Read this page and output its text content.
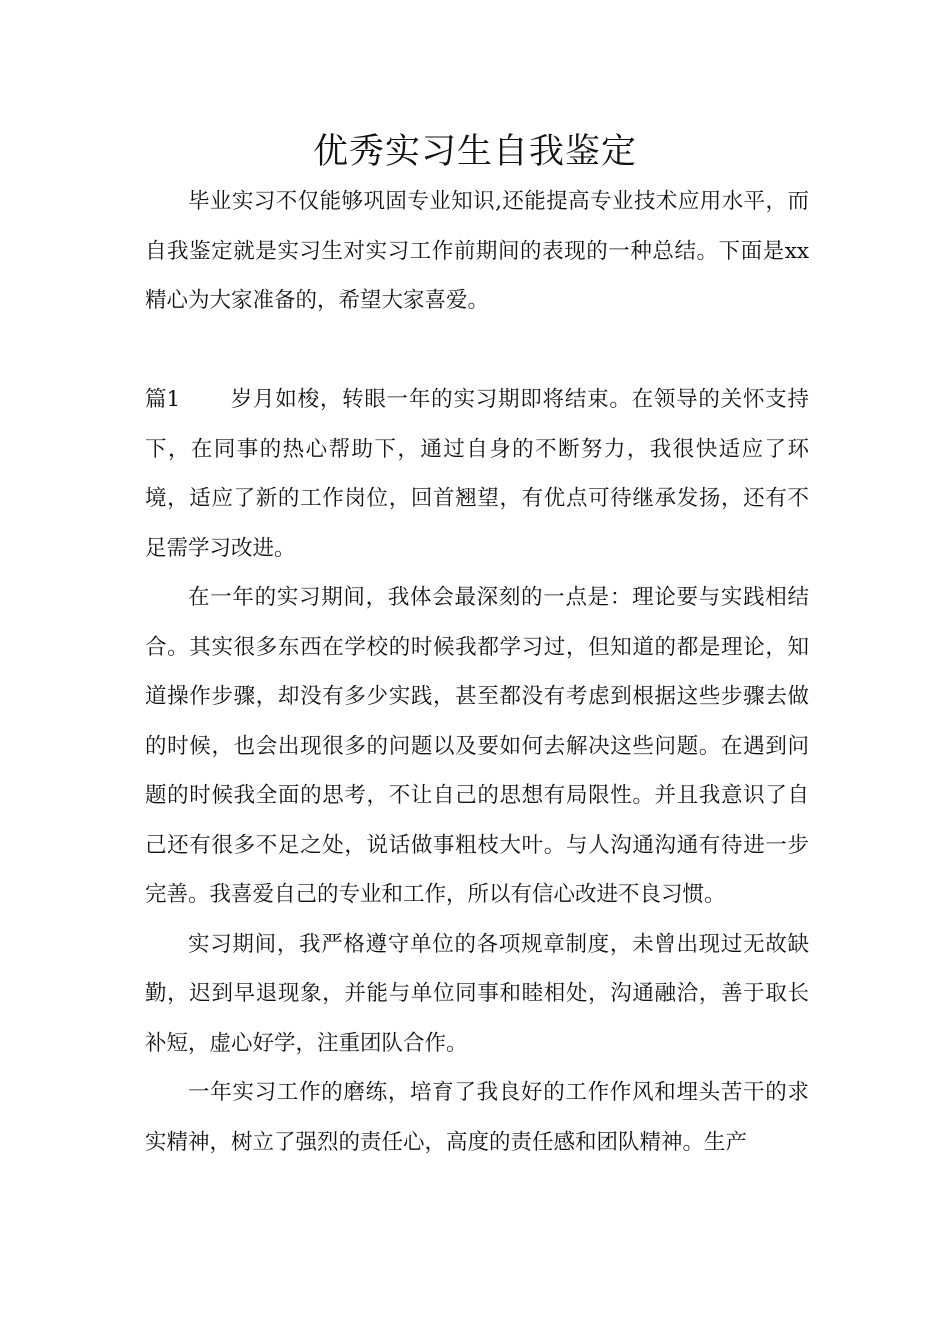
优秀实习生自我鉴定

毕业实习不仅能够巩固专业知识,还能提高专业技术应用水平，而自我鉴定就是实习生对实习工作前期间的表现的一种总结。下面是xx精心为大家准备的，希望大家喜爱。

篇1 岁月如梭，转眼一年的实习期即将结束。在领导的关怀支持下，在同事的热心帮助下，通过自身的不断努力，我很快适应了环境，适应了新的工作岗位，回首翘望，有优点可待继承发扬，还有不足需学习改进。

在一年的实习期间，我体会最深刻的一点是：理论要与实践相结合。其实很多东西在学校的时候我都学习过，但知道的都是理论，知道操作步骤，却没有多少实践，甚至都没有考虑到根据这些步骤去做的时候，也会出现很多的问题以及要如何去解决这些问题。在遇到问题的时候我全面的思考，不让自己的思想有局限性。并且我意识了自己还有很多不足之处，说话做事粗枝大叶。与人沟通沟通有待进一步完善。我喜爱自己的专业和工作，所以有信心改进不良习惯。

实习期间，我严格遵守单位的各项规章制度，未曾出现过无故缺勤，迟到早退现象，并能与单位同事和睦相处，沟通融洽，善于取长补短，虚心好学，注重团队合作。

一年实习工作的磨练，培育了我良好的工作作风和埋头苦干的求实精神，树立了强烈的责任心，高度的责任感和团队精神。生产
